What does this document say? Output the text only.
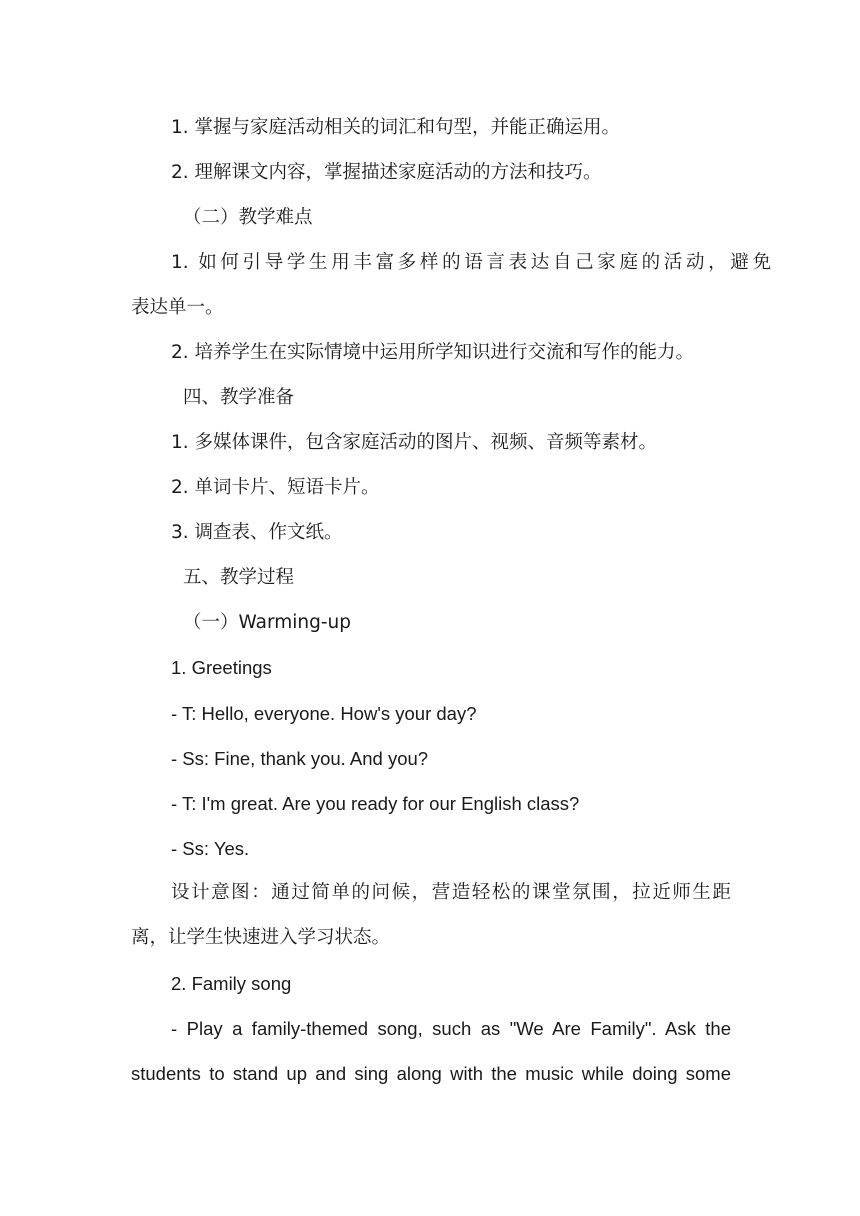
1. 掌握与家庭活动相关的词汇和句型，并能正确运用。
2. 理解课文内容，掌握描述家庭活动的方法和技巧。
（二）教学难点
1. 如何引导学生用丰富多样的语言表达自己家庭的活动，避免
表达单一。
2. 培养学生在实际情境中运用所学知识进行交流和写作的能力。
四、教学准备
1. 多媒体课件，包含家庭活动的图片、视频、音频等素材。
2. 单词卡片、短语卡片。
3. 调查表、作文纸。
五、教学过程
（一）Warming-up
1. Greetings
- T: Hello, everyone. How's your day?
- Ss: Fine, thank you. And you?
- T: I'm great. Are you ready for our English class?
- Ss: Yes.
设计意图：通过简单的问候，营造轻松的课堂氛围，拉近师生距
离，让学生快速进入学习状态。
2. Family song
- Play a family-themed song, such as "We Are Family". Ask the
students to stand up and sing along with the music while doing some
